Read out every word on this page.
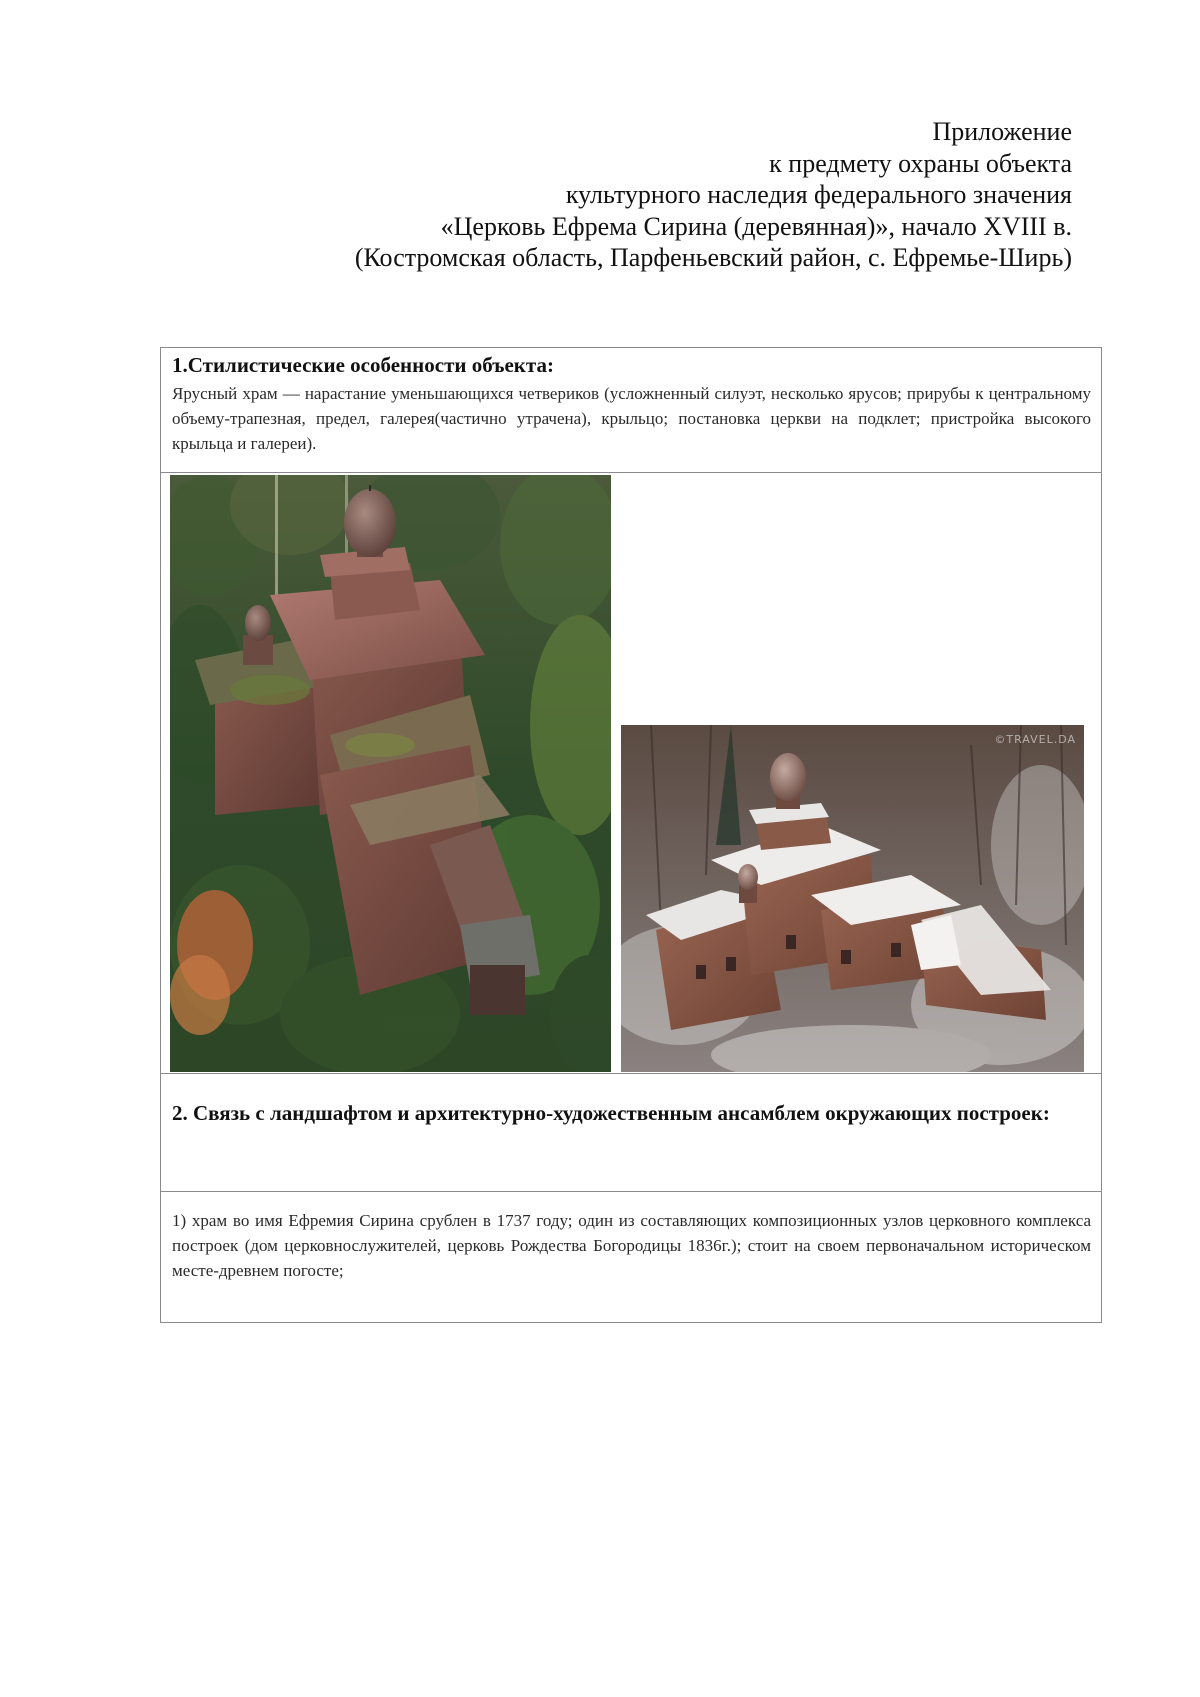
Приложение
к предмету охраны объекта
культурного наследия федерального значения
«Церковь Ефрема Сирина (деревянная)», начало XVIII в.
(Костромская область, Парфеньевский район, с. Ефремье-Ширь)
1.Стилистические особенности объекта:
Ярусный храм — нарастание уменьшающихся четвериков (усложненный силуэт, несколько ярусов; прирубы к центральному объему-трапезная, предел, галерея(частично утрачена), крыльцо; постановка церкви на подклет; пристройка высокого крыльца и галереи).
©TRAVEL.DA
2. Связь с ландшафтом и архитектурно-художественным ансамблем окружающих построек:
1) храм во имя Ефремия Сирина срублен в 1737 году; один из составляющих композиционных узлов церковного комплекса построек (дом церковнослужителей, церковь Рождества Богородицы 1836г.); стоит на своем первоначальном историческом месте-древнем погосте;
